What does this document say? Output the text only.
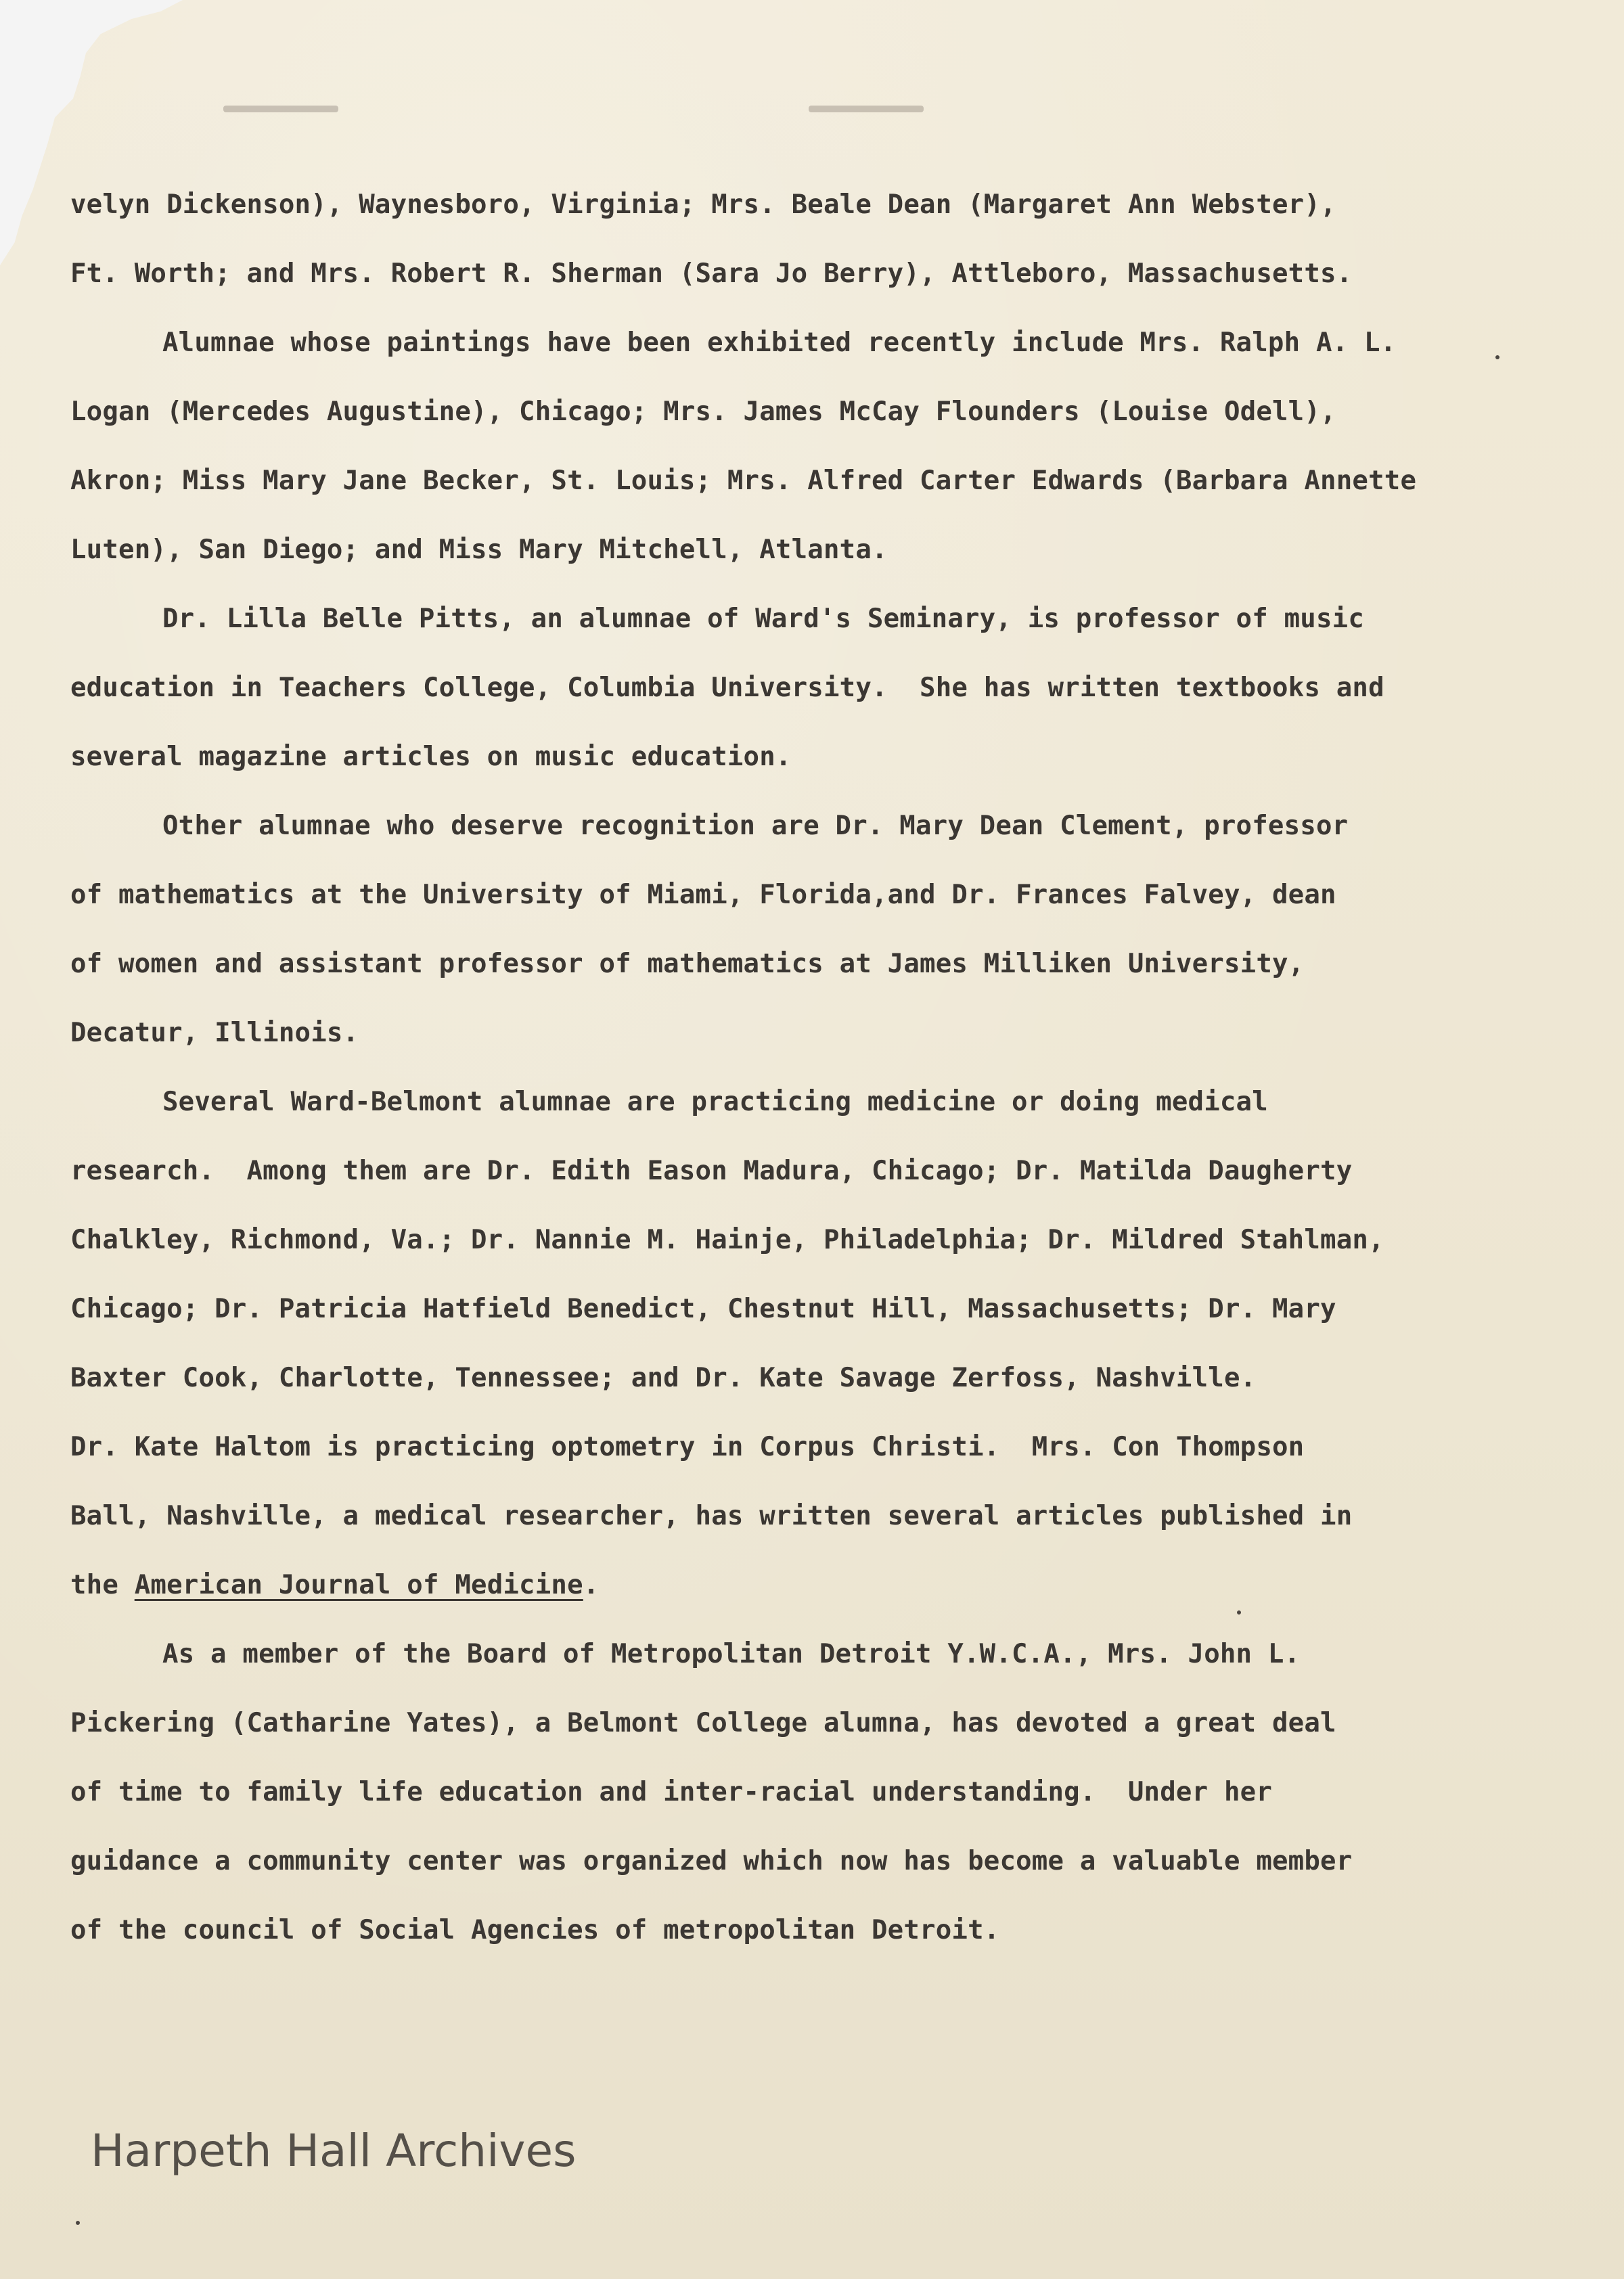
velyn Dickenson), Waynesboro, Virginia; Mrs. Beale Dean (Margaret Ann Webster),
Ft. Worth; and Mrs. Robert R. Sherman (Sara Jo Berry), Attleboro, Massachusetts.
Alumnae whose paintings have been exhibited recently include Mrs. Ralph A. L.
Logan (Mercedes Augustine), Chicago; Mrs. James McCay Flounders (Louise Odell),
Akron; Miss Mary Jane Becker, St. Louis; Mrs. Alfred Carter Edwards (Barbara Annette
Luten), San Diego; and Miss Mary Mitchell, Atlanta.
Dr. Lilla Belle Pitts, an alumnae of Ward's Seminary, is professor of music
education in Teachers College, Columbia University.  She has written textbooks and
several magazine articles on music education.
Other alumnae who deserve recognition are Dr. Mary Dean Clement, professor
of mathematics at the University of Miami, Florida,and Dr. Frances Falvey, dean
of women and assistant professor of mathematics at James Milliken University,
Decatur, Illinois.
Several Ward-Belmont alumnae are practicing medicine or doing medical
research.  Among them are Dr. Edith Eason Madura, Chicago; Dr. Matilda Daugherty
Chalkley, Richmond, Va.; Dr. Nannie M. Hainje, Philadelphia; Dr. Mildred Stahlman,
Chicago; Dr. Patricia Hatfield Benedict, Chestnut Hill, Massachusetts; Dr. Mary
Baxter Cook, Charlotte, Tennessee; and Dr. Kate Savage Zerfoss, Nashville.
Dr. Kate Haltom is practicing optometry in Corpus Christi.  Mrs. Con Thompson
Ball, Nashville, a medical researcher, has written several articles published in
the American Journal of Medicine.
As a member of the Board of Metropolitan Detroit Y.W.C.A., Mrs. John L.
Pickering (Catharine Yates), a Belmont College alumna, has devoted a great deal
of time to family life education and inter-racial understanding.  Under her
guidance a community center was organized which now has become a valuable member
of the council of Social Agencies of metropolitan Detroit.
Harpeth Hall Archives
